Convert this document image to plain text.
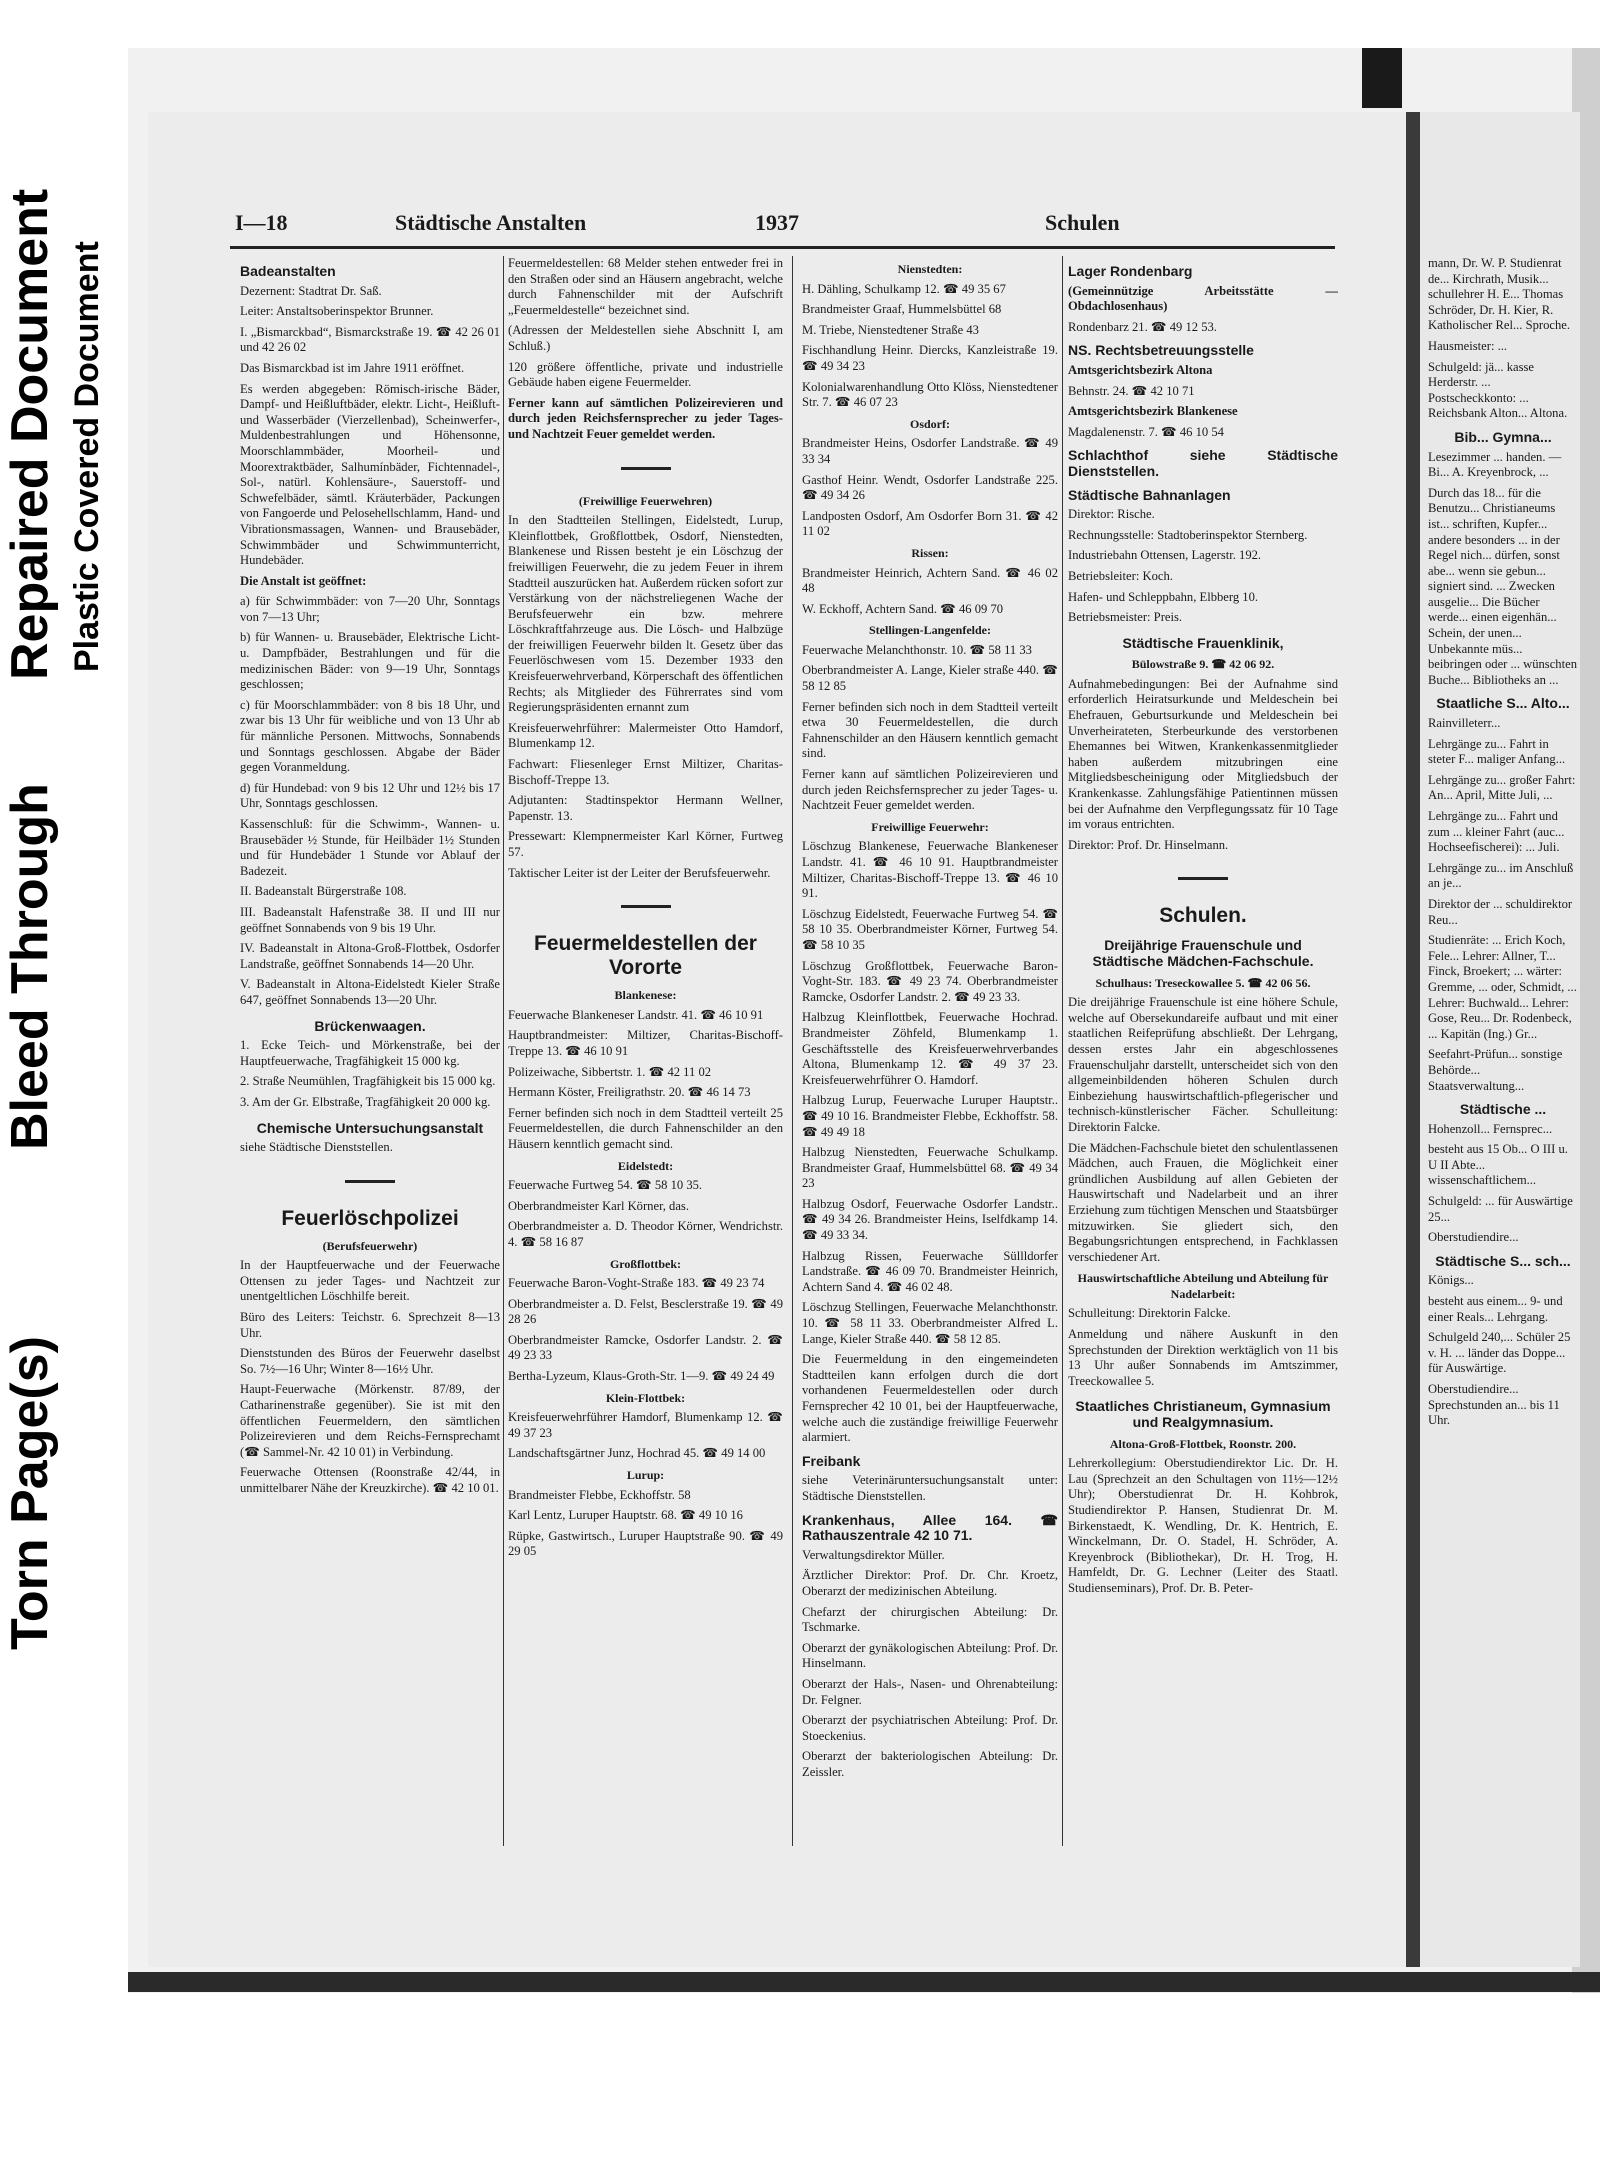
Bleed Through
Torn Page(s)
Repaired Document Plastic Covered Document
I—18	Städtische Anstalten	1937	Schulen

Badeanstalten

Dezernent: Stadtrat Dr. Saß.

Leiter: Anstaltsoberinspektor Brunner.

I. „Bismarckbad“, Bismarckstraße 19. ☎ 42 26 01 und 42 26 02

Das Bismarckbad ist im Jahre 1911 eröffnet.

Es werden abgegeben: Römisch-irische Bäder, Dampf- und Heißluftbäder, elektr. Licht-, Heißluft- und Wasserbäder (Vierzellenbad), Scheinwerfer-, Muldenbestrahlungen und Höhensonne, Moorschlammbäder, Moorheil- und Moorextraktbäder, Salhumínbäder, Fichtennadel-, Sol-, natürl. Kohlensäure-, Sauerstoff- und Schwefelbäder, sämtl. Kräuterbäder, Packungen von Fangoerde und Pelosehellschlamm, Hand- und Vibrationsmassagen, Wannen- und Brausebäder, Schwimmbäder und Schwimmunterricht, Hundebäder.

Die Anstalt ist geöffnet:

a) für Schwimmbäder: von 7—20 Uhr, Sonntags von 7—13 Uhr;

b) für Wannen- u. Brausebäder, Elektrische Licht- u. Dampfbäder, Bestrahlungen und für die medizinischen Bäder: von 9—19 Uhr, Sonntags geschlossen;

c) für Moorschlammbäder: von 8 bis 18 Uhr, und zwar bis 13 Uhr für weibliche und von 13 Uhr ab für männliche Personen. Mittwochs, Sonnabends und Sonntags geschlossen. Abgabe der Bäder gegen Voranmeldung.

d) für Hundebad: von 9 bis 12 Uhr und 12½ bis 17 Uhr, Sonntags geschlossen.

Kassenschluß: für die Schwimm-, Wannen- u. Brausebäder ½ Stunde, für Heilbäder 1½ Stunden und für Hundebäder 1 Stunde vor Ablauf der Badezeit.

II. Badeanstalt Bürgerstraße 108.

III. Badeanstalt Hafenstraße 38. II und III nur geöffnet Sonnabends von 9 bis 19 Uhr.

IV. Badeanstalt in Altona-Groß-Flottbek, Osdorfer Landstraße, geöffnet Sonnabends 14—20 Uhr.

V. Badeanstalt in Altona-Eidelstedt Kieler Straße 647, geöffnet Sonnabends 13—20 Uhr.

Brückenwaagen.

1. Ecke Teich- und Mörkenstraße, bei der Hauptfeuerwache, Tragfähigkeit 15 000 kg.

2. Straße Neumühlen, Tragfähigkeit bis 15 000 kg.

3. Am der Gr. Elbstraße, Tragfähigkeit 20 000 kg.

Chemische Untersuchungsanstalt

siehe Städtische Dienststellen.

Feuerlöschpolizei

(Berufsfeuerwehr)

In der Hauptfeuerwache und der Feuerwache Ottensen zu jeder Tages- und Nachtzeit zur unentgeltlichen Löschhilfe bereit.

Büro des Leiters: Teichstr. 6. Sprechzeit 8—13 Uhr.

Dienststunden des Büros der Feuerwehr daselbst So. 7½—16 Uhr; Winter 8—16½ Uhr.

Haupt-Feuerwache (Mörkenstr. 87/89, der Catharinenstraße gegenüber). Sie ist mit den öffentlichen Feuermeldern, den sämtlichen Polizeirevieren und dem Reichs-Fernsprechamt (☎ Sammel-Nr. 42 10 01) in Verbindung.

Feuerwache Ottensen (Roonstraße 42/44, in unmittelbarer Nähe der Kreuzkirche). ☎ 42 10 01.

Feuermeldestellen: 68 Melder stehen entweder frei in den Straßen oder sind an Häusern angebracht, welche durch Fahnenschilder mit der Aufschrift „Feuermeldestelle“ bezeichnet sind.

(Adressen der Meldestellen siehe Abschnitt I, am Schluß.)

120 größere öffentliche, private und industrielle Gebäude haben eigene Feuermelder.

Ferner kann auf sämtlichen Polizeirevieren und durch jeden Reichsfernsprecher zu jeder Tages- und Nachtzeit Feuer gemeldet werden.

(Freiwillige Feuerwehren)

In den Stadtteilen Stellingen, Eidelstedt, Lurup, Kleinflottbek, Großflottbek, Osdorf, Nienstedten, Blankenese und Rissen besteht je ein Löschzug der freiwilligen Feuerwehr, die zu jedem Feuer in ihrem Stadtteil auszurücken hat. Außerdem rücken sofort zur Verstärkung von der nächstreliegenen Wache der Berufsfeuerwehr ein bzw. mehrere Löschkraftfahrzeuge aus. Die Lösch- und Halbzüge der freiwilligen Feuerwehr bilden lt. Gesetz über das Feuerlöschwesen vom 15. Dezember 1933 den Kreisfeuerwehrverband, Körperschaft des öffentlichen Rechts; als Mitglieder des Führerrates sind vom Regierungspräsidenten ernannt zum

Kreisfeuerwehrführer: Malermeister Otto Hamdorf, Blumenkamp 12.

Fachwart: Fliesenleger Ernst Miltizer, Charitas-Bischoff-Treppe 13.

Adjutanten: Stadtinspektor Hermann Wellner, Papenstr. 13.

Pressewart: Klempnermeister Karl Körner, Furtweg 57.

Taktischer Leiter ist der Leiter der Berufsfeuerwehr.

Feuermeldestellen der Vororte

Blankenese:

Feuerwache Blankeneser Landstr. 41. ☎ 46 10 91

Hauptbrandmeister: Miltizer, Charitas-Bischoff-Treppe 13. ☎ 46 10 91

Polizeiwache, Sibbertstr. 1. ☎ 42 11 02

Hermann Köster, Freiligrathstr. 20. ☎ 46 14 73

Ferner befinden sich noch in dem Stadtteil verteilt 25 Feuermeldestellen, die durch Fahnenschilder an den Häusern kenntlich gemacht sind.

Eidelstedt:

Feuerwache Furtweg 54. ☎ 58 10 35.

Oberbrandmeister Karl Körner, das.

Oberbrandmeister a. D. Theodor Körner, Wendrichstr. 4. ☎ 58 16 87

Großflottbek:

Feuerwache Baron-Voght-Straße 183. ☎ 49 23 74

Oberbrandmeister a. D. Felst, Besclerstraße 19. ☎ 49 28 26

Oberbrandmeister Ramcke, Osdorfer Landstr. 2. ☎ 49 23 33

Bertha-Lyzeum, Klaus-Groth-Str. 1—9. ☎ 49 24 49

Klein-Flottbek:

Kreisfeuerwehrführer Hamdorf, Blumenkamp 12. ☎ 49 37 23

Landschaftsgärtner Junz, Hochrad 45. ☎ 49 14 00

Lurup:

Brandmeister Flebbe, Eckhoffstr. 58

Karl Lentz, Luruper Hauptstr. 68. ☎ 49 10 16

Rüpke, Gastwirtsch., Luruper Hauptstraße 90. ☎ 49 29 05

Nienstedten:

H. Dähling, Schulkamp 12. ☎ 49 35 67

Brandmeister Graaf, Hummelsbüttel 68

M. Triebe, Nienstedtener Straße 43

Fischhandlung Heinr. Diercks, Kanzleistraße 19. ☎ 49 34 23

Kolonialwarenhandlung Otto Klöss, Nienstedtener Str. 7. ☎ 46 07 23

Osdorf:

Brandmeister Heins, Osdorfer Landstraße. ☎ 49 33 34

Gasthof Heinr. Wendt, Osdorfer Landstraße 225. ☎ 49 34 26

Landposten Osdorf, Am Osdorfer Born 31. ☎ 42 11 02

Rissen:

Brandmeister Heinrich, Achtern Sand. ☎ 46 02 48

W. Eckhoff, Achtern Sand. ☎ 46 09 70

Stellingen-Langenfelde:

Feuerwache Melanchthonstr. 10. ☎ 58 11 33

Oberbrandmeister A. Lange, Kieler straße 440. ☎ 58 12 85

Ferner befinden sich noch in dem Stadtteil verteilt etwa 30 Feuermeldestellen, die durch Fahnenschilder an den Häusern kenntlich gemacht sind.

Ferner kann auf sämtlichen Polizeirevieren und durch jeden Reichsfernsprecher zu jeder Tages- u. Nachtzeit Feuer gemeldet werden.

Freiwillige Feuerwehr:

Löschzug Blankenese, Feuerwache Blankeneser Landstr. 41. ☎ 46 10 91. Hauptbrandmeister Miltizer, Charitas-Bischoff-Treppe 13. ☎ 46 10 91.

Löschzug Eidelstedt, Feuerwache Furtweg 54. ☎ 58 10 35. Oberbrandmeister Körner, Furtweg 54. ☎ 58 10 35

Löschzug Großflottbek, Feuerwache Baron-Voght-Str. 183. ☎ 49 23 74. Oberbrandmeister Ramcke, Osdorfer Landstr. 2. ☎ 49 23 33.

Halbzug Kleinflottbek, Feuerwache Hochrad. Brandmeister Zöhfeld, Blumenkamp 1. Geschäftsstelle des Kreisfeuerwehrverbandes Altona, Blumenkamp 12. ☎ 49 37 23. Kreisfeuerwehrführer O. Hamdorf.

Halbzug Lurup, Feuerwache Luruper Hauptstr.. ☎ 49 10 16. Brandmeister Flebbe, Eckhoffstr. 58. ☎ 49 49 18

Halbzug Nienstedten, Feuerwache Schulkamp. Brandmeister Graaf, Hummelsbüttel 68. ☎ 49 34 23

Halbzug Osdorf, Feuerwache Osdorfer Landstr.. ☎ 49 34 26. Brandmeister Heins, Iselfdkamp 14. ☎ 49 33 34.

Halbzug Rissen, Feuerwache Süllldorfer Landstraße. ☎ 46 09 70. Brandmeister Heinrich, Achtern Sand 4. ☎ 46 02 48.

Löschzug Stellingen, Feuerwache Melanchthonstr. 10. ☎ 58 11 33. Oberbrandmeister Alfred L. Lange, Kieler Straße 440. ☎ 58 12 85.

Die Feuermeldung in den eingemeindeten Stadtteilen kann erfolgen durch die dort vorhandenen Feuermeldestellen oder durch Fernsprecher 42 10 01, bei der Hauptfeuerwache, welche auch die zuständige freiwillige Feuerwehr alarmiert.

Freibank

siehe Veterinäruntersuchungsanstalt unter: Städtische Dienststellen.

Krankenhaus, Allee 164. ☎ Rathauszentrale 42 10 71.

Verwaltungsdirektor Müller.

Ärztlicher Direktor: Prof. Dr. Chr. Kroetz, Oberarzt der medizinischen Abteilung.

Chefarzt der chirurgischen Abteilung: Dr. Tschmarke.

Oberarzt der gynäkologischen Abteilung: Prof. Dr. Hinselmann.

Oberarzt der Hals-, Nasen- und Ohrenabteilung: Dr. Felgner.

Oberarzt der psychiatrischen Abteilung: Prof. Dr. Stoeckenius.

Oberarzt der bakteriologischen Abteilung: Dr. Zeissler.

Lager Rondenbarg

(Gemeinnützige Arbeitsstätte — Obdachlosenhaus)

Rondenbarz 21. ☎ 49 12 53.

NS. Rechtsbetreuungsstelle

Amtsgerichtsbezirk Altona

Behnstr. 24. ☎ 42 10 71

Amtsgerichtsbezirk Blankenese

Magdalenenstr. 7. ☎ 46 10 54

Schlachthof siehe Städtische Dienststellen.

Städtische Bahnanlagen

Direktor: Rische.

Rechnungsstelle: Stadtoberinspektor Sternberg.

Industriebahn Ottensen, Lagerstr. 192.

Betriebsleiter: Koch.

Hafen- und Schleppbahn, Elbberg 10.

Betriebsmeister: Preis.

Städtische Frauenklinik,

Bülowstraße 9. ☎ 42 06 92.

Aufnahmebedingungen: Bei der Aufnahme sind erforderlich Heiratsurkunde und Meldeschein bei Ehefrauen, Geburtsurkunde und Meldeschein bei Unverheirateten, Sterbeurkunde des verstorbenen Ehemannes bei Witwen, Krankenkassenmitglieder haben außerdem mitzubringen eine Mitgliedsbescheinigung oder Mitgliedsbuch der Krankenkasse. Zahlungsfähige Patientinnen müssen bei der Aufnahme den Verpflegungssatz für 10 Tage im voraus entrichten.

Direktor: Prof. Dr. Hinselmann.

Schulen.

Dreijährige Frauenschule und Städtische Mädchen-Fachschule.

Schulhaus: Treseckowallee 5. ☎ 42 06 56.

Die dreijährige Frauenschule ist eine höhere Schule, welche auf Obersekundareife aufbaut und mit einer staatlichen Reifeprüfung abschließt. Der Lehrgang, dessen erstes Jahr ein abgeschlossenes Frauenschuljahr darstellt, unterscheidet sich von den allgemeinbildenden höheren Schulen durch Einbeziehung hauswirtschaftlich-pflegerischer und technisch-künstlerischer Fächer. Schulleitung: Direktorin Falcke.

Die Mädchen-Fachschule bietet den schulentlassenen Mädchen, auch Frauen, die Möglichkeit einer gründlichen Ausbildung auf allen Gebieten der Hauswirtschaft und Nadelarbeit und an ihrer Erziehung zum tüchtigen Menschen und Staatsbürger mitzuwirken. Sie gliedert sich, den Begabungsrichtungen entsprechend, in Fachklassen verschiedener Art.

Hauswirtschaftliche Abteilung und Abteilung für Nadelarbeit:

Schulleitung: Direktorin Falcke.

Anmeldung und nähere Auskunft in den Sprechstunden der Direktion werktäglich von 11 bis 13 Uhr außer Sonnabends im Amtszimmer, Treeckowallee 5.

Staatliches Christianeum, Gymnasium und Realgymnasium.

Altona-Groß-Flottbek, Roonstr. 200.

Lehrerkollegium: Oberstudiendirektor Lic. Dr. H. Lau (Sprechzeit an den Schultagen von 11½—12½ Uhr); Oberstudienrat Dr. H. Kohbrok, Studiendirektor P. Hansen, Studienrat Dr. M. Birkenstaedt, K. Wendling, Dr. K. Hentrich, E. Winckelmann, Dr. O. Stadel, H. Schröder, A. Kreyenbrock (Bibliothekar), Dr. H. Trog, H. Hamfeldt, Dr. G. Lechner (Leiter des Staatl. Studienseminars), Prof. Dr. B. Peter-

mann, Dr. W. P. Studienrat de... Kirchrath, Musik... schullehrer H. E... Thomas Schröder, Dr. H. Kier, R. Katholischer Rel... Sproche.

Hausmeister: ...

Schulgeld: jä... kasse Herderstr. ... Postscheckkonto: ... Reichsbank Alton... Altona.

Bib... Gymna...

Lesezimmer ... handen. — Bi... A. Kreyenbrock, ...

Durch das 18... für die Benutzu... Christianeums ist... schriften, Kupfer... andere besonders ... in der Regel nich... dürfen, sonst abe... wenn sie gebun... signiert sind. ... Zwecken ausgelie... Die Bücher werde... einen eigenhän... Schein, der unen... Unbekannte müs... beibringen oder ... wünschten Buche... Bibliotheks an ...

Staatliche S... Alto...

Rainvilleterr...

Lehrgänge zu... Fahrt in steter F... maliger Anfang...

Lehrgänge zu... großer Fahrt: An... April, Mitte Juli, ...

Lehrgänge zu... Fahrt und zum ... kleiner Fahrt (auc... Hochseefischerei): ... Juli.

Lehrgänge zu... im Anschluß an je...

Direktor der ... schuldirektor Reu...

Studienräte: ... Erich Koch, Fele... Lehrer: Allner, T... Finck, Broekert; ... wärter: Gremme, ... oder, Schmidt, ... Lehrer: Buchwald... Lehrer: Gose, Reu... Dr. Rodenbeck, ... Kapitän (Ing.) Gr...

Seefahrt-Prüfun... sonstige Behörde... Staatsverwaltung...

Städtische ...

Hohenzoll... Fernsprec...

besteht aus 15 Ob... O III u. U II Abte... wissenschaftlichem...

Schulgeld: ... für Auswärtige 25...

Oberstudiendire...

Städtische S... sch...

Königs...

besteht aus einem... 9- und einer Reals... Lehrgang.

Schulgeld 240,... Schüler 25 v. H. ... länder das Doppe... für Auswärtige.

Oberstudiendire... Sprechstunden an... bis 11 Uhr.
